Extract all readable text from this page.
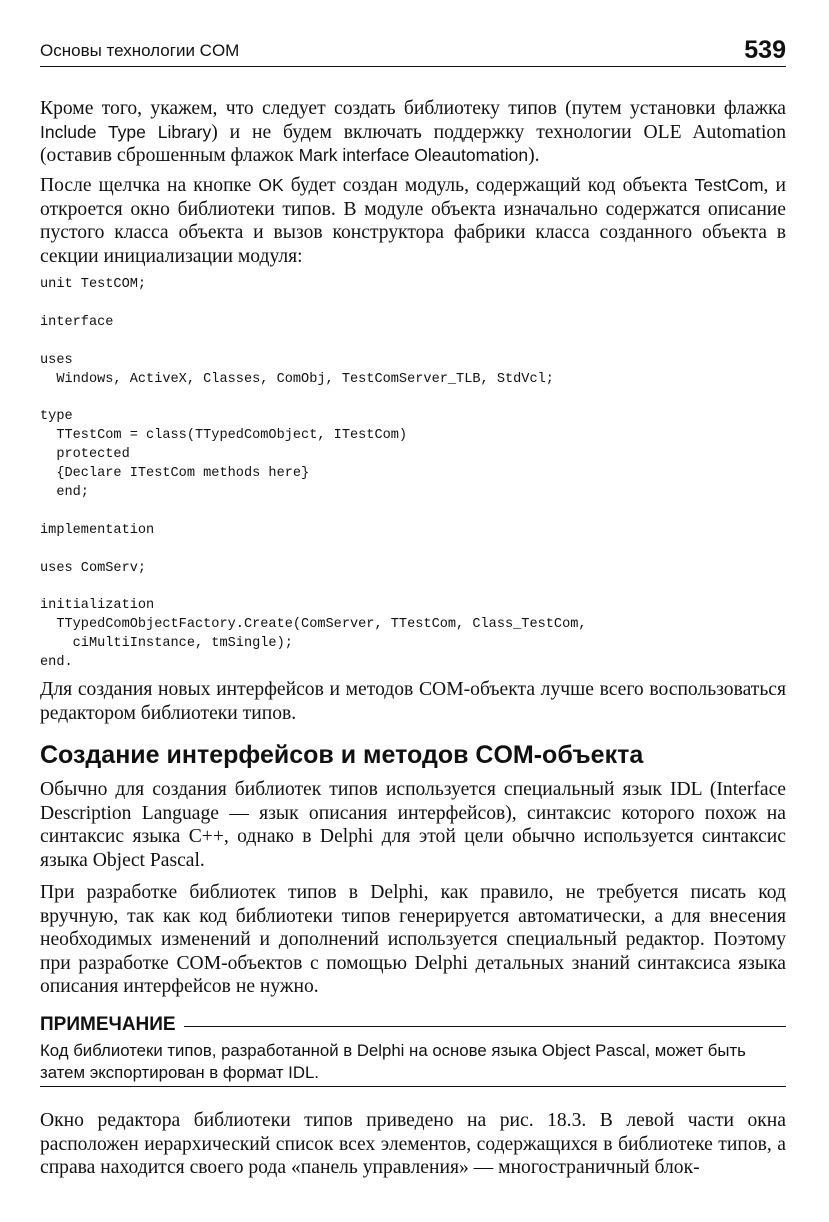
Основы технологии COM	539

Кроме того, укажем, что следует создать библиотеку типов (путем установки флажка Include Type Library) и не будем включать поддержку технологии OLE Automation (оставив сброшенным флажок Mark interface Oleautomation).

После щелчка на кнопке OK будет создан модуль, содержащий код объекта TestCom, и откроется окно библиотеки типов. В модуле объекта изначально содержатся описание пустого класса объекта и вызов конструктора фабрики класса созданного объекта в секции инициализации модуля:

unit TestCOM;

interface

uses
Windows, ActiveX, Classes, ComObj, TestComServer_TLB, StdVcl;

type
TTestCom = class(TTypedComObject, ITestCom)
protected
{Declare ITestCom methods here}
end;

implementation

uses ComServ;

initialization
TTypedComObjectFactory.Create(ComServer, TTestCom, Class_TestCom,
ciMultiInstance, tmSingle);
end.

Для создания новых интерфейсов и методов COM-объекта лучше всего воспользоваться редактором библиотеки типов.

Создание интерфейсов и методов COM-объекта

Обычно для создания библиотек типов используется специальный язык IDL (Interface Description Language — язык описания интерфейсов), синтаксис которого похож на синтаксис языка C++, однако в Delphi для этой цели обычно используется синтаксис языка Object Pascal.

При разработке библиотек типов в Delphi, как правило, не требуется писать код вручную, так как код библиотеки типов генерируется автоматически, а для внесения необходимых изменений и дополнений используется специальный редактор. Поэтому при разработке COM-объектов с помощью Delphi детальных знаний синтаксиса языка описания интерфейсов не нужно.

ПРИМЕЧАНИЕ

Код библиотеки типов, разработанной в Delphi на основе языка Object Pascal, может быть затем экспортирован в формат IDL.

Окно редактора библиотеки типов приведено на рис. 18.3. В левой части окна расположен иерархический список всех элементов, содержащихся в библиотеке типов, а справа находится своего рода «панель управления» — многостраничный блок-
